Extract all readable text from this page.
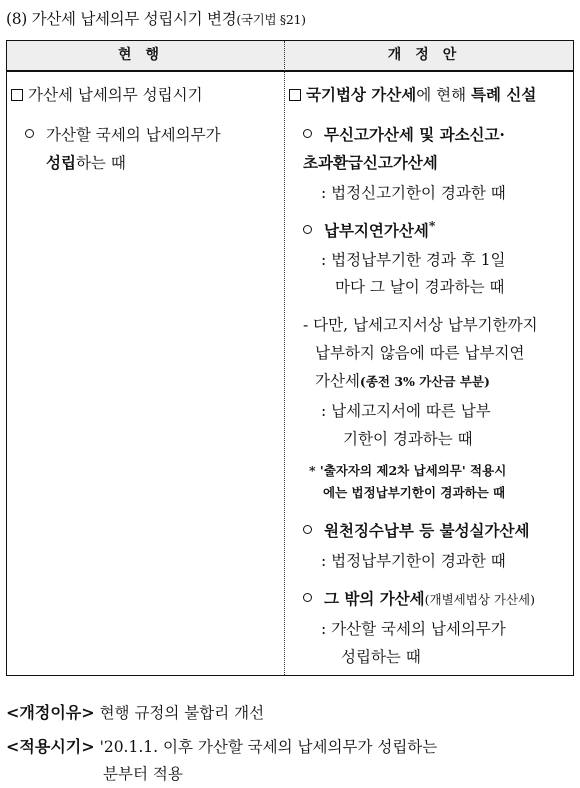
(8) 가산세 납세의무 성립시기 변경(국기법 §21)
현행	개정안
가산세 납세의무 성립시기
가산할 국세의 납세의무가
성립하는 때
국기법상 가산세에 현해 특례 신설
무신고가산세 및 과소신고·
초과환급신고가산세
: 법정신고기한이 경과한 때
납부지연가산세*
: 법정납부기한 경과 후 1일
마다 그 날이 경과하는 때
- 다만, 납세고지서상 납부기한까지
납부하지 않음에 따른 납부지연
가산세(종전 3% 가산금 부분)
: 납세고지서에 따른 납부
기한이 경과하는 때
* '출자자의 제2차 납세의무' 적용시
에는 법정납부기한이 경과하는 때
원천징수납부 등 불성실가산세
: 법정납부기한이 경과한 때
그 밖의 가산세(개별세법상 가산세)
: 가산할 국세의 납세의무가
성립하는 때
<개정이유> 현행 규정의 불합리 개선
<적용시기> '20.1.1. 이후 가산할 국세의 납세의무가 성립하는
분부터 적용
